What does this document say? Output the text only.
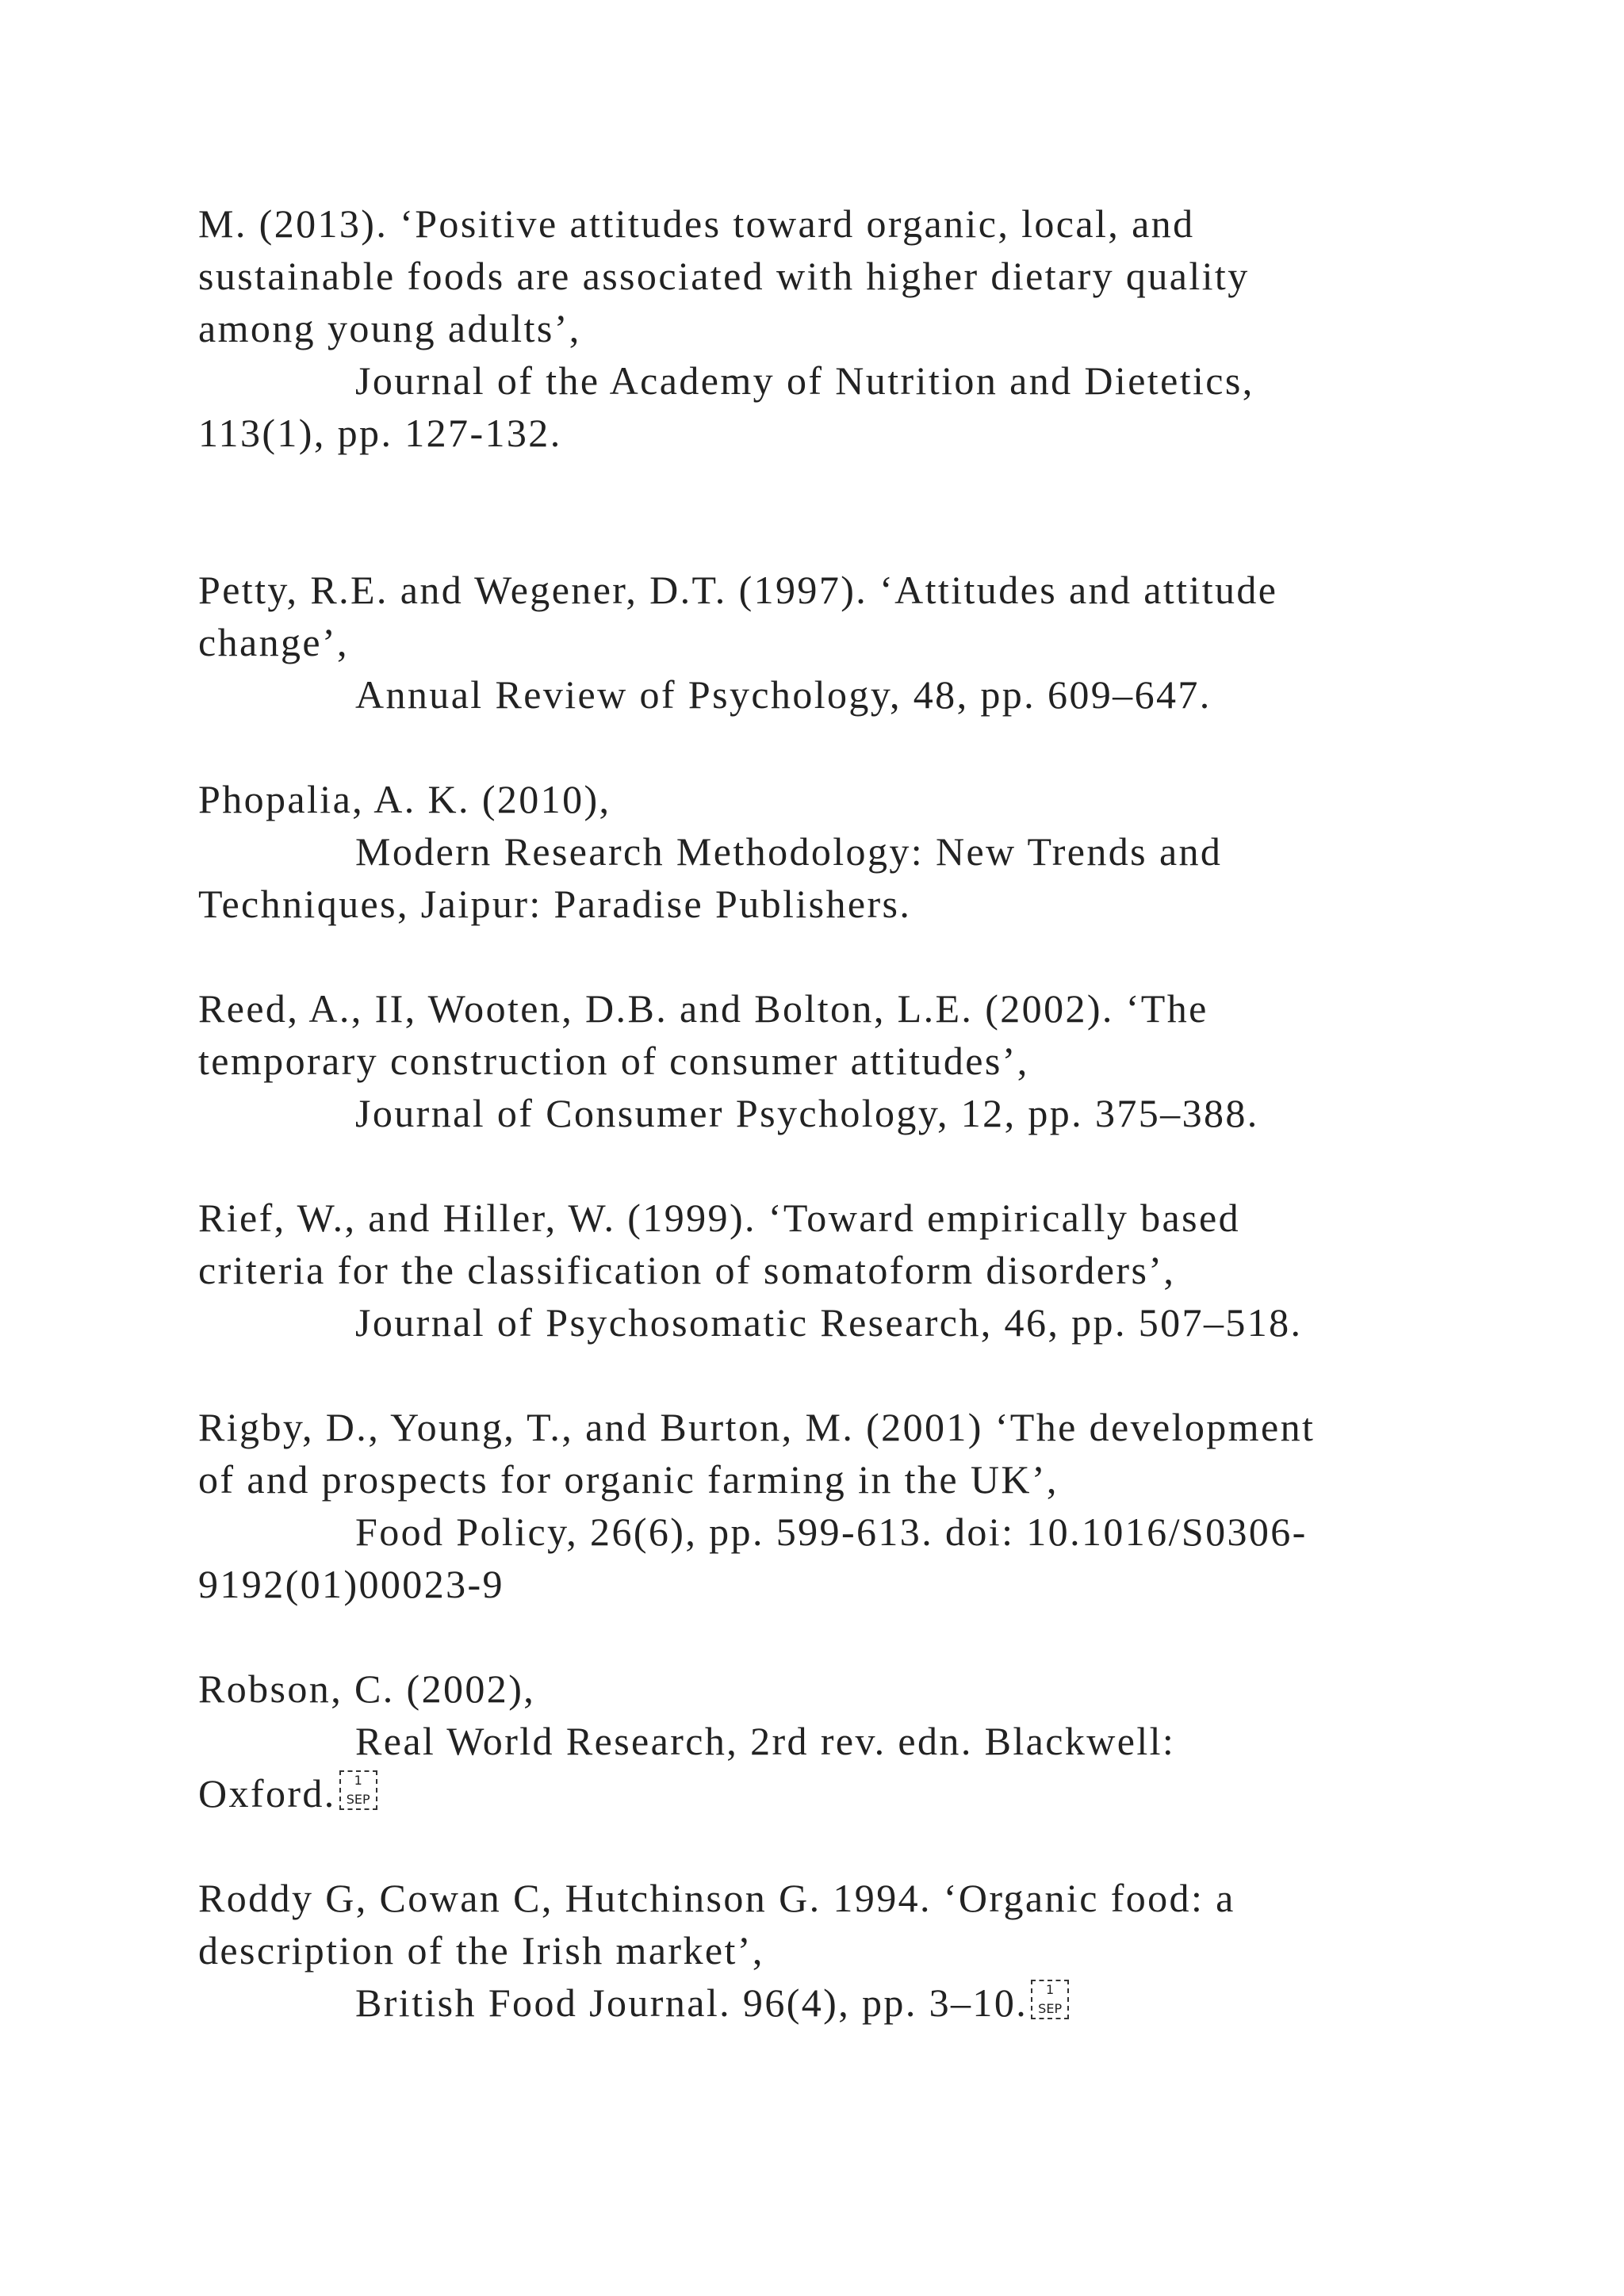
M. (2013). ‘Positive attitudes toward organic, local, and
sustainable foods are associated with higher dietary quality
among young adults’,
Journal of the Academy of Nutrition and Dietetics,
113(1), pp. 127-132.
Petty, R.E. and Wegener, D.T. (1997). ‘Attitudes and attitude
change’,
Annual Review of Psychology, 48, pp. 609–647.
Phopalia, A. K. (2010),
Modern Research Methodology: New Trends and
Techniques, Jaipur: Paradise Publishers.
Reed, A., II, Wooten, D.B. and Bolton, L.E. (2002). ‘The
temporary construction of consumer attitudes’,
Journal of Consumer Psychology, 12, pp. 375–388.
Rief, W., and Hiller, W. (1999). ‘Toward empirically based
criteria for the classification of somatoform disorders’,
Journal of Psychosomatic Research, 46, pp. 507–518.
Rigby, D., Young, T., and Burton, M. (2001) ‘The development
of and prospects for organic farming in the UK’,
Food Policy, 26(6), pp. 599-613. doi: 10.1016/S0306-
9192(01)00023-9
Robson, C. (2002),
Real World Research, 2rd rev. edn. Blackwell:
Oxford.	1
SEP
Roddy G, Cowan C, Hutchinson G. 1994. ‘Organic food: a
description of the Irish market’,
British Food Journal. 96(4), pp. 3–10.	1
SEP
